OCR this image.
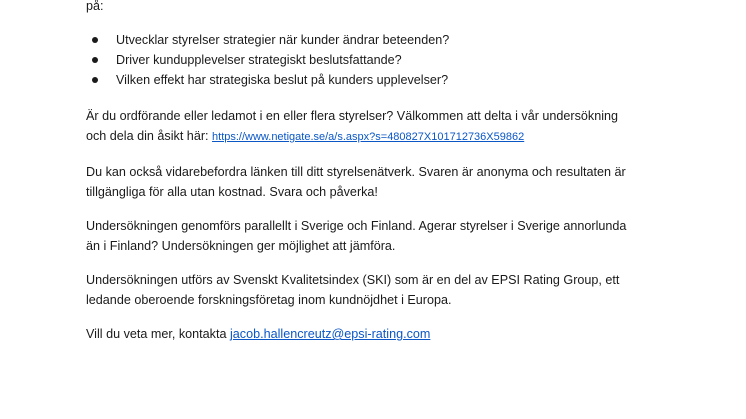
på:

Utvecklar styrelser strategier när kunder ändrar beteenden?
Driver kundupplevelser strategiskt beslutsfattande?
Vilken effekt har strategiska beslut på kunders upplevelser?

Är du ordförande eller ledamot i en eller flera styrelser? Välkommen att delta i vår undersökning
och dela din åsikt här: https://www.netigate.se/a/s.aspx?s=480827X101712736X59862

Du kan också vidarebefordra länken till ditt styrelsenätverk. Svaren är anonyma och resultaten är
tillgängliga för alla utan kostnad. Svara och påverka!

Undersökningen genomförs parallellt i Sverige och Finland. Agerar styrelser i Sverige annorlunda
än i Finland? Undersökningen ger möjlighet att jämföra.

Undersökningen utförs av Svenskt Kvalitetsindex (SKI) som är en del av EPSI Rating Group, ett
ledande oberoende forskningsföretag inom kundnöjdhet i Europa.

Vill du veta mer, kontakta jacob.hallencreutz@epsi-rating.com
